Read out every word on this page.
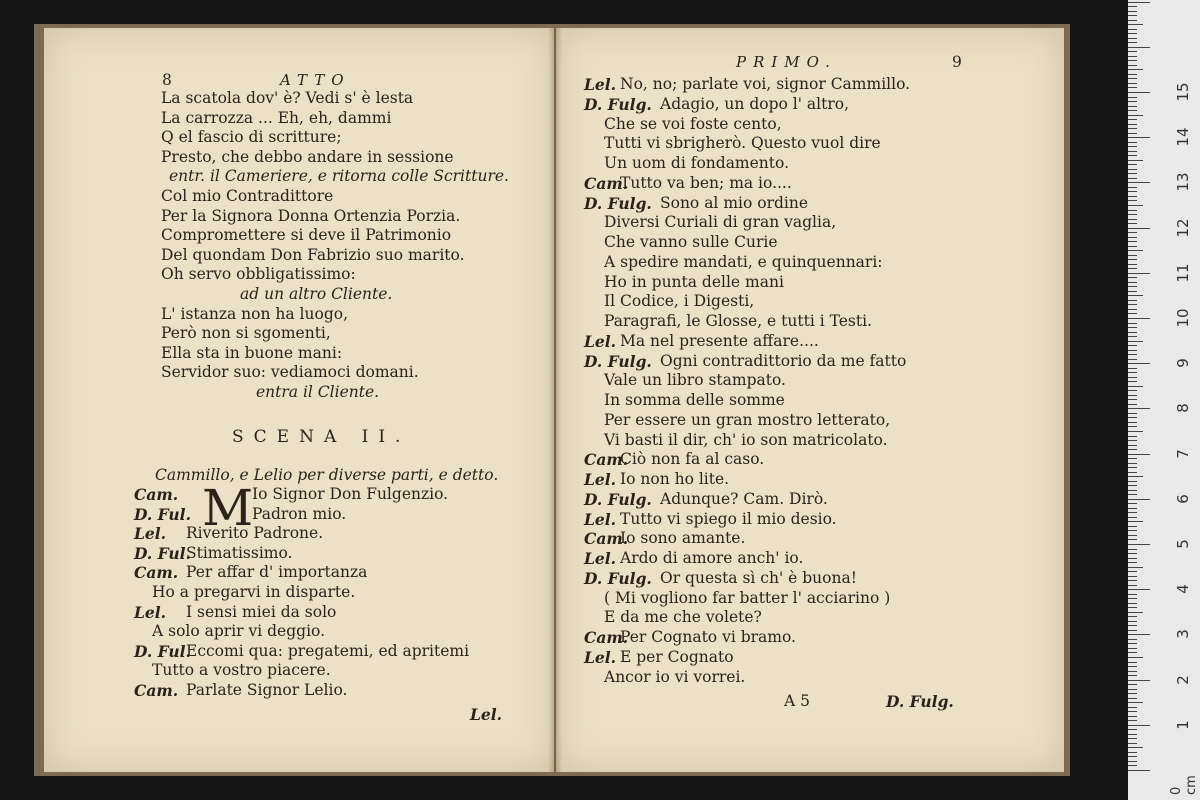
8	ATTO
La scatola dov' è? Vedi s' è lesta
La carrozza ... Eh, eh, dammi
Q el fascio di scritture;
Presto, che debbo andare in sessione
entr. il Cameriere, e ritorna colle Scritture.
Col mio Contradittore
Per la Signora Donna Ortenzia Porzia.
Compromettere si deve il Patrimonio
Del quondam Don Fabrizio suo marito.
Oh servo obbligatissimo:
ad un altro Cliente.
L' istanza non ha luogo,
Però non si sgomenti,
Ella sta in buone mani:
Servidor suo: vediamoci domani.
entra il Cliente.
SCENA II.
Cammillo, e Lelio per diverse parti, e detto.
M
Cam.	Io Signor Don Fulgenzio.
D. Ful.	Padron mio.
Lel. Riverito Padrone.
D. Ful.
Stimatissimo.
Cam. Per affar d' importanza
Ho a pregarvi in disparte.
Lel. I sensi miei da solo
A solo aprir vi deggio.
D. Ful.
Eccomi qua: pregatemi, ed apritemi
Tutto a vostro piacere.
Cam. Parlate Signor Lelio.
Lel.
PRIMO.	9
Lel. No, no; parlate voi, signor Cammillo.
D. Fulg. Adagio, un dopo l' altro,
Che se voi foste cento,
Tutti vi sbrigherò. Questo vuol dire
Un uom di fondamento.
Cam.
Tutto va ben; ma io....
D. Fulg. Sono al mio ordine
Diversi Curiali di gran vaglia,
Che vanno sulle Curie
A spedire mandati, e quinquennari:
Ho in punta delle mani
Il Codice, i Digesti,
Paragrafi, le Glosse, e tutti i Testi.
Lel. Ma nel presente affare....
D. Fulg. Ogni contradittorio da me fatto
Vale un libro stampato.
In somma delle somme
Per essere un gran mostro letterato,
Vi basti il dir, ch' io son matricolato.
Cam.
Ciò non fa al caso.
Lel. Io non ho lite.
D. Fulg. Adunque? Cam. Dirò.
Lel. Tutto vi spiego il mio desio.
Cam.
Io sono amante.
Lel. Ardo di amore anch' io.
D. Fulg. Or questa sì ch' è buona!
( Mi vogliono far batter l' acciarino )
E da me che volete?
Cam.
Per Cognato vi bramo.
Lel. E per Cognato
Ancor io vi vorrei.
A 5	D. Fulg.
0 cm
1
2
3
4
5
6
7
8
9
10
11
12
13
14
15
